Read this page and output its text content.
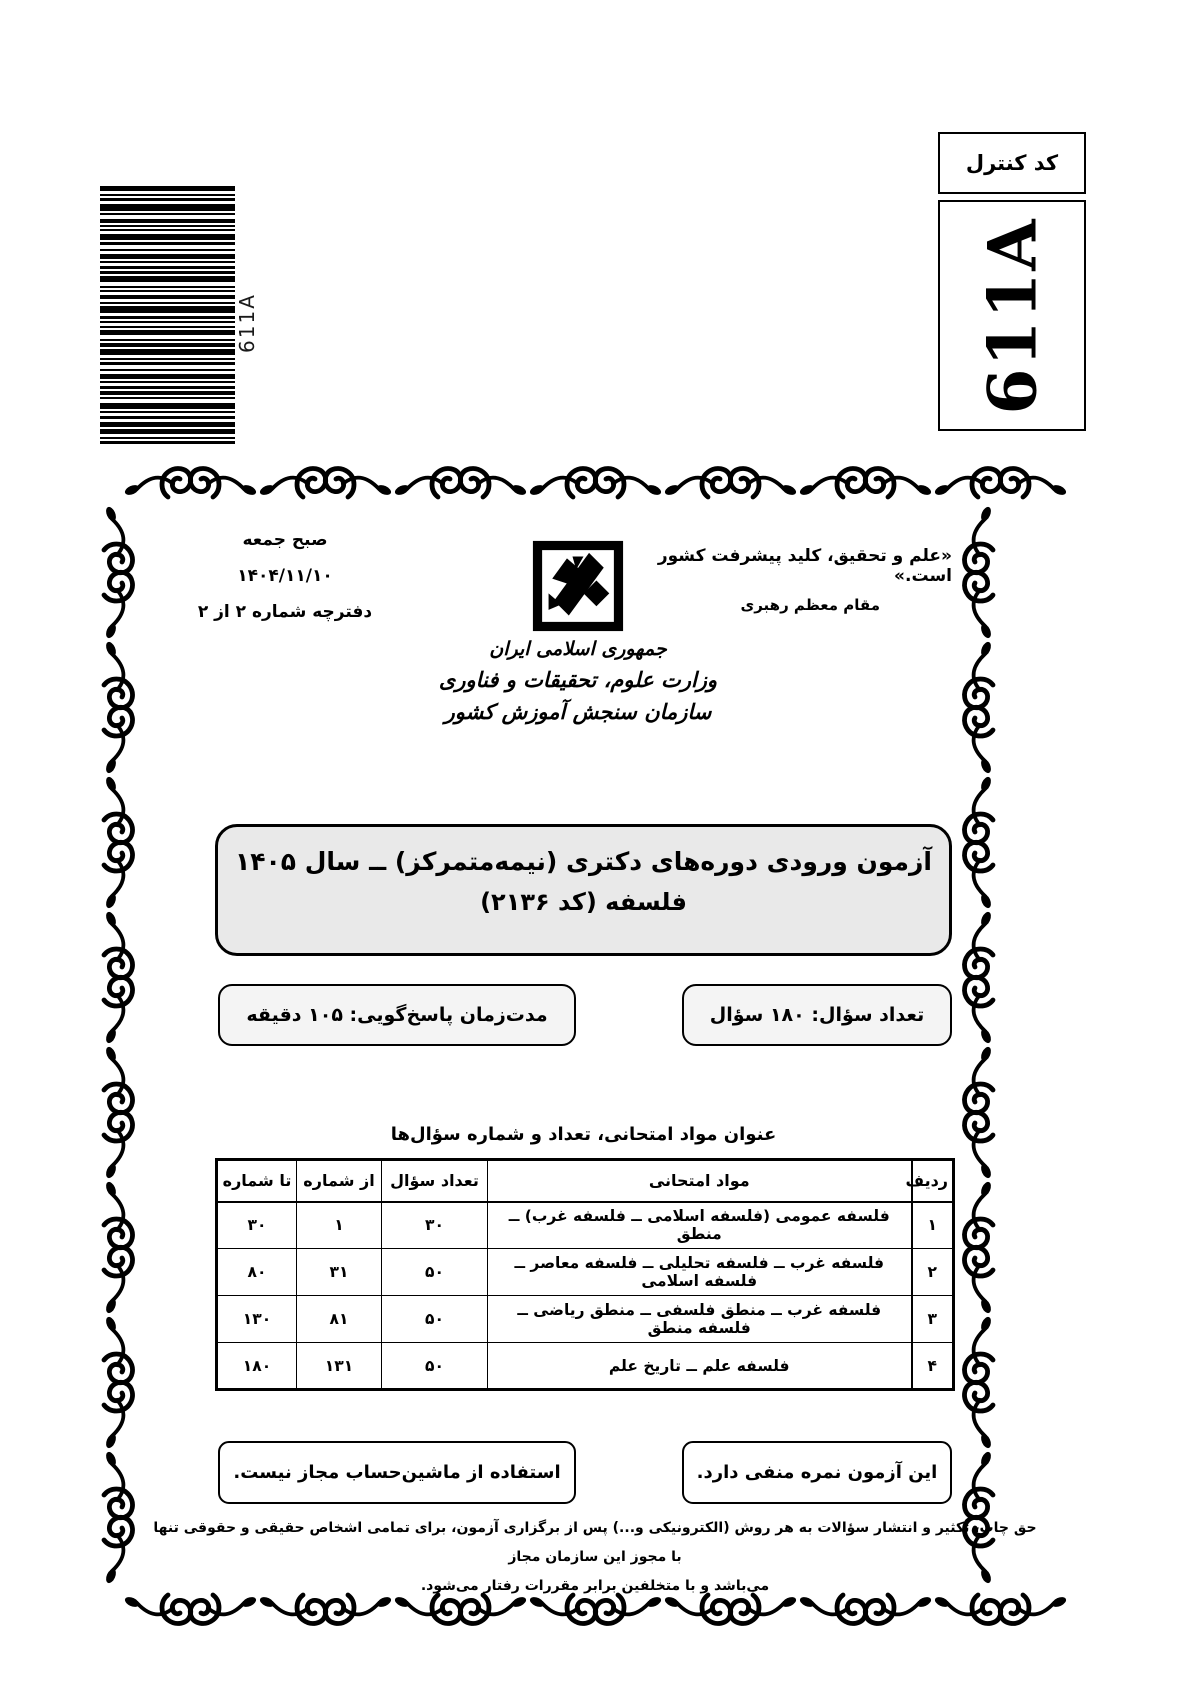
611A
کد کنترل
611A
صبح جمعه
۱۴۰۴/۱۱/۱۰
دفترچه شماره ۲ از ۲
«علم و تحقیق، کلید پیشرفت کشور است.»
مقام معظم رهبری
جمهوری اسلامی ایران
وزارت علوم، تحقیقات و فناوری
سازمان سنجش آموزش کشور
آزمون ورودی دوره‌های دکتری (نیمه‌متمرکز) ــ سال ۱۴۰۵
فلسفه (کد ۲۱۳۶)
تعداد سؤال: ۱۸۰ سؤال
مدت‌زمان پاسخ‌گویی: ۱۰۵ دقیقه
عنوان مواد امتحانی، تعداد و شماره سؤال‌ها
ردیف	مواد امتحانی	تعداد سؤال	از شماره	تا شماره
۱	فلسفه عمومی (فلسفه اسلامی ــ فلسفه غرب) ــ منطق	۳۰	۱	۳۰
۲	فلسفه غرب ــ فلسفه تحلیلی ــ فلسفه معاصر ــ فلسفه اسلامی	۵۰	۳۱	۸۰
۳	فلسفه غرب ــ منطق فلسفی ــ منطق ریاضی ــ فلسفه منطق	۵۰	۸۱	۱۳۰
۴	فلسفه علم ــ تاریخ علم	۵۰	۱۳۱	۱۸۰
این آزمون نمره منفی دارد.
استفاده از ماشین‌حساب مجاز نیست.
حق چاپ، تکثیر و انتشار سؤالات به هر روش (الکترونیکی و...) پس از برگزاری آزمون، برای تمامی اشخاص حقیقی و حقوقی تنها با مجوز این سازمان مجاز
می‌باشد و با متخلفین برابر مقررات رفتار می‌شود.
